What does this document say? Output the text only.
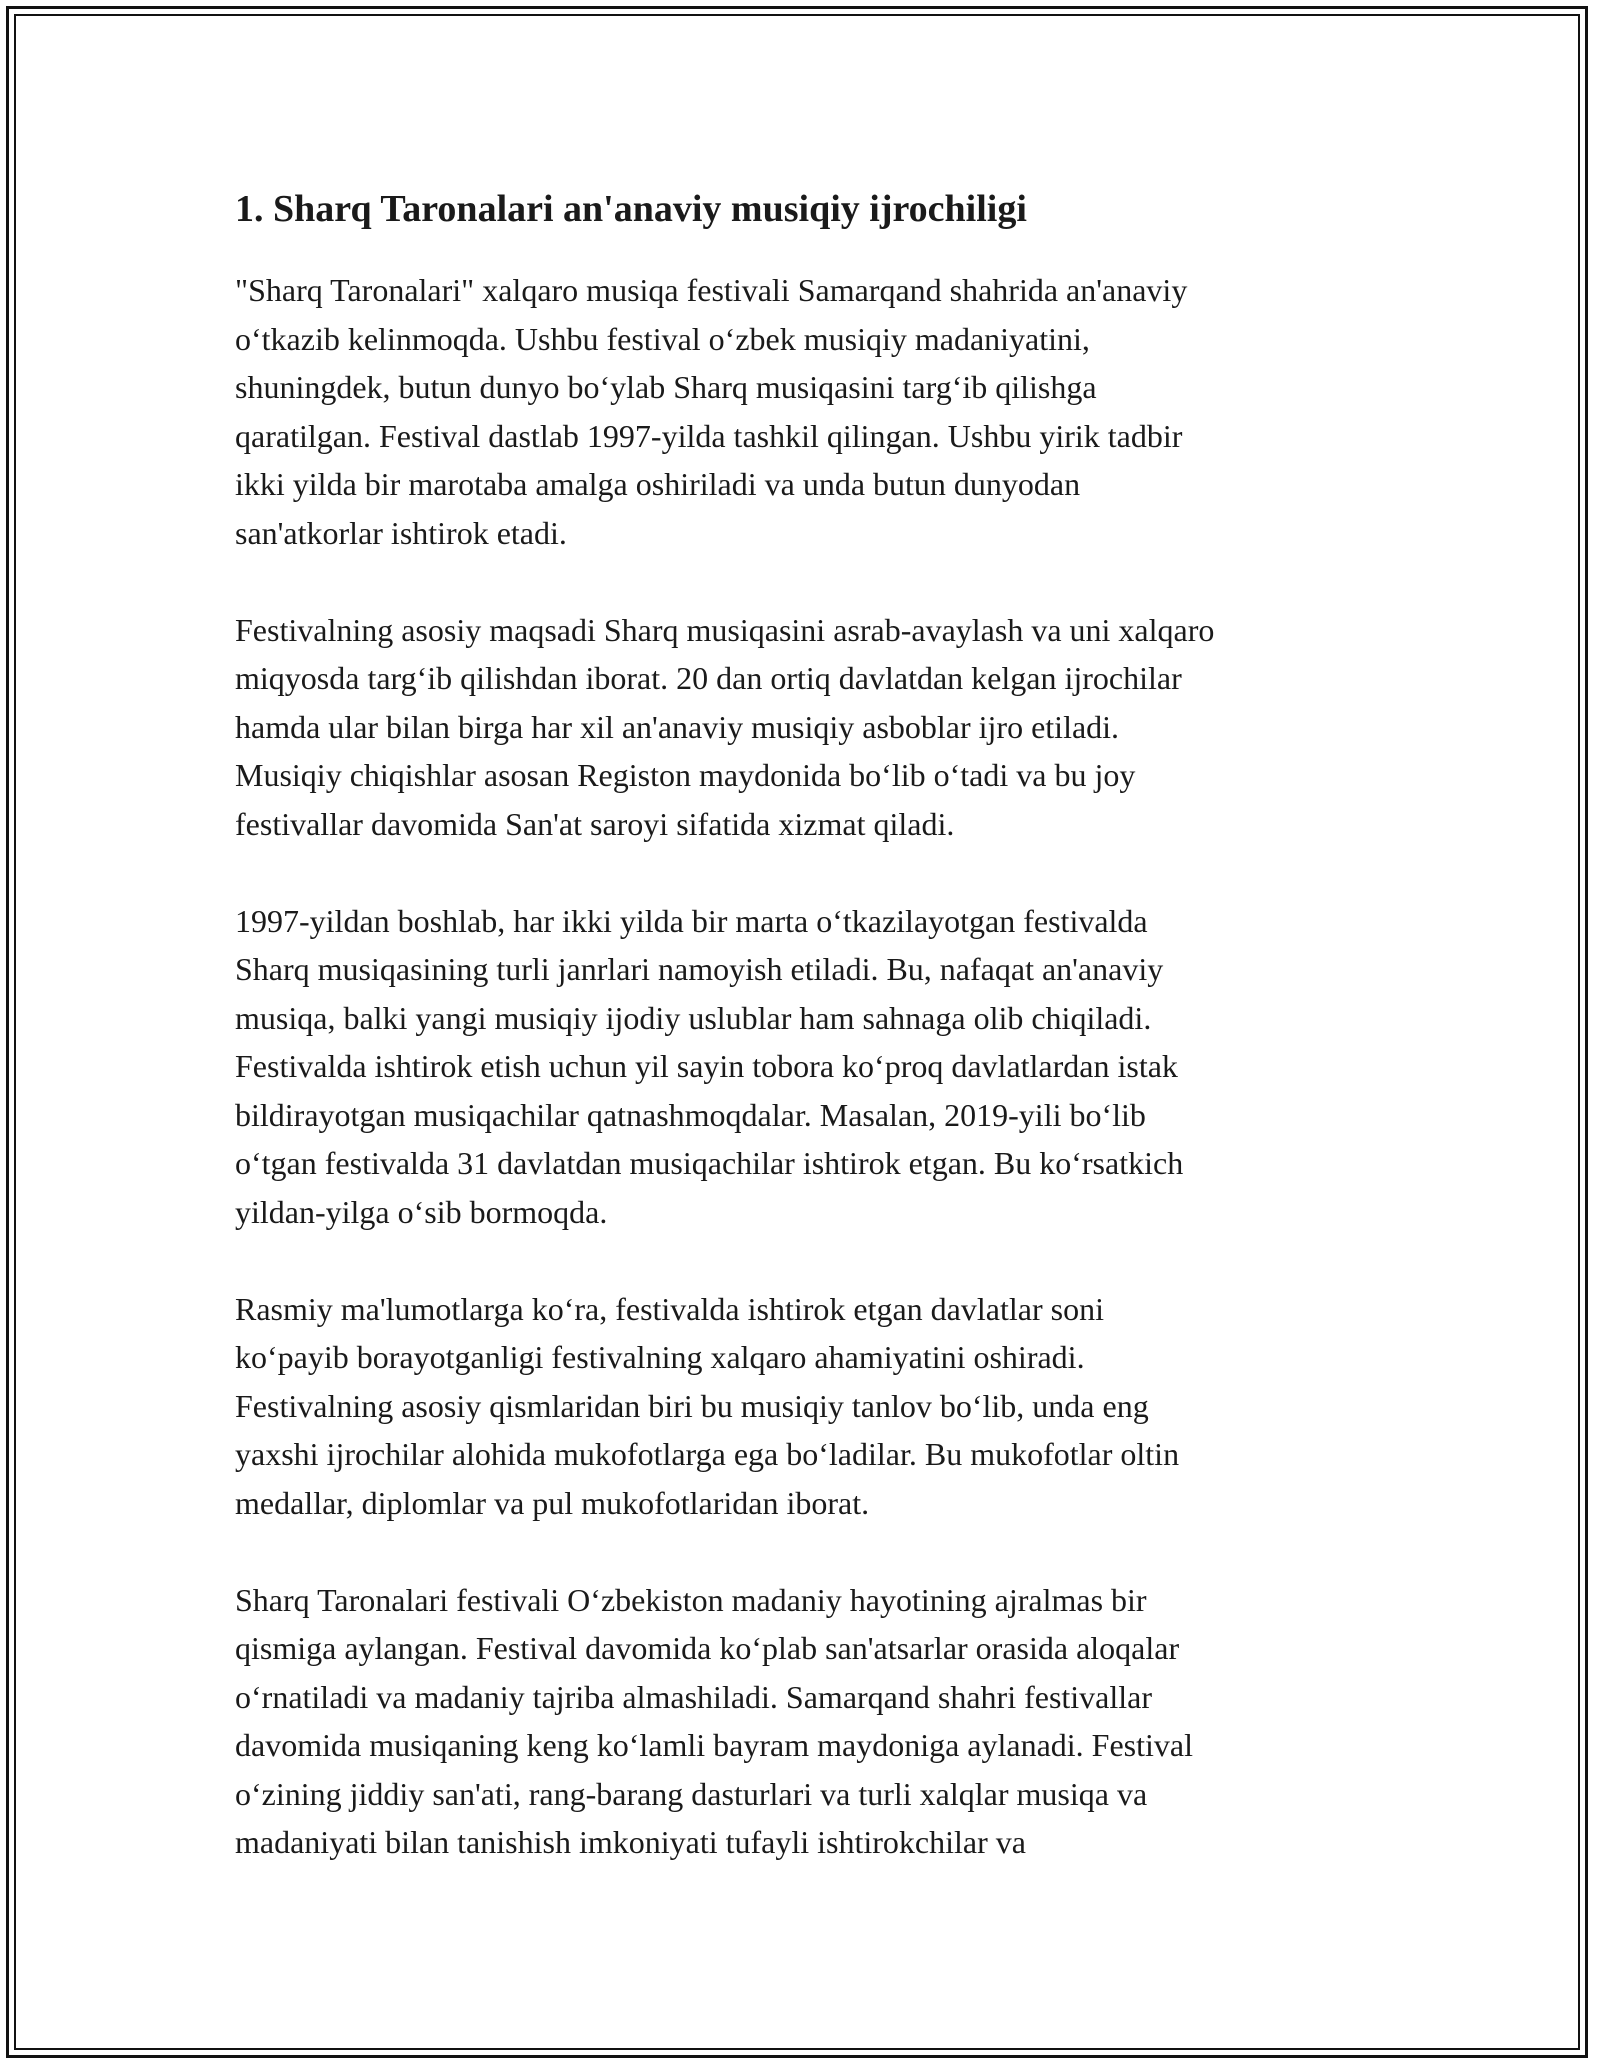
1. Sharq Taronalari an'anaviy musiqiy ijrochiligi

"Sharq Taronalari" xalqaro musiqa festivali Samarqand shahrida an'anaviy
o‘tkazib kelinmoqda. Ushbu festival o‘zbek musiqiy madaniyatini,
shuningdek, butun dunyo bo‘ylab Sharq musiqasini targ‘ib qilishga
qaratilgan. Festival dastlab 1997-yilda tashkil qilingan. Ushbu yirik tadbir
ikki yilda bir marotaba amalga oshiriladi va unda butun dunyodan
san'atkorlar ishtirok etadi.

Festivalning asosiy maqsadi Sharq musiqasini asrab-avaylash va uni xalqaro
miqyosda targ‘ib qilishdan iborat. 20 dan ortiq davlatdan kelgan ijrochilar
hamda ular bilan birga har xil an'anaviy musiqiy asboblar ijro etiladi.
Musiqiy chiqishlar asosan Registon maydonida bo‘lib o‘tadi va bu joy
festivallar davomida San'at saroyi sifatida xizmat qiladi.

1997-yildan boshlab, har ikki yilda bir marta o‘tkazilayotgan festivalda
Sharq musiqasining turli janrlari namoyish etiladi. Bu, nafaqat an'anaviy
musiqa, balki yangi musiqiy ijodiy uslublar ham sahnaga olib chiqiladi.
Festivalda ishtirok etish uchun yil sayin tobora ko‘proq davlatlardan istak
bildirayotgan musiqachilar qatnashmoqdalar. Masalan, 2019-yili bo‘lib
o‘tgan festivalda 31 davlatdan musiqachilar ishtirok etgan. Bu ko‘rsatkich
yildan-yilga o‘sib bormoqda.

Rasmiy ma'lumotlarga ko‘ra, festivalda ishtirok etgan davlatlar soni
ko‘payib borayotganligi festivalning xalqaro ahamiyatini oshiradi.
Festivalning asosiy qismlaridan biri bu musiqiy tanlov bo‘lib, unda eng
yaxshi ijrochilar alohida mukofotlarga ega bo‘ladilar. Bu mukofotlar oltin
medallar, diplomlar va pul mukofotlaridan iborat.

Sharq Taronalari festivali O‘zbekiston madaniy hayotining ajralmas bir
qismiga aylangan. Festival davomida ko‘plab san'atsarlar orasida aloqalar
o‘rnatiladi va madaniy tajriba almashiladi. Samarqand shahri festivallar
davomida musiqaning keng ko‘lamli bayram maydoniga aylanadi. Festival
o‘zining jiddiy san'ati, rang-barang dasturlari va turli xalqlar musiqa va
madaniyati bilan tanishish imkoniyati tufayli ishtirokchilar va
